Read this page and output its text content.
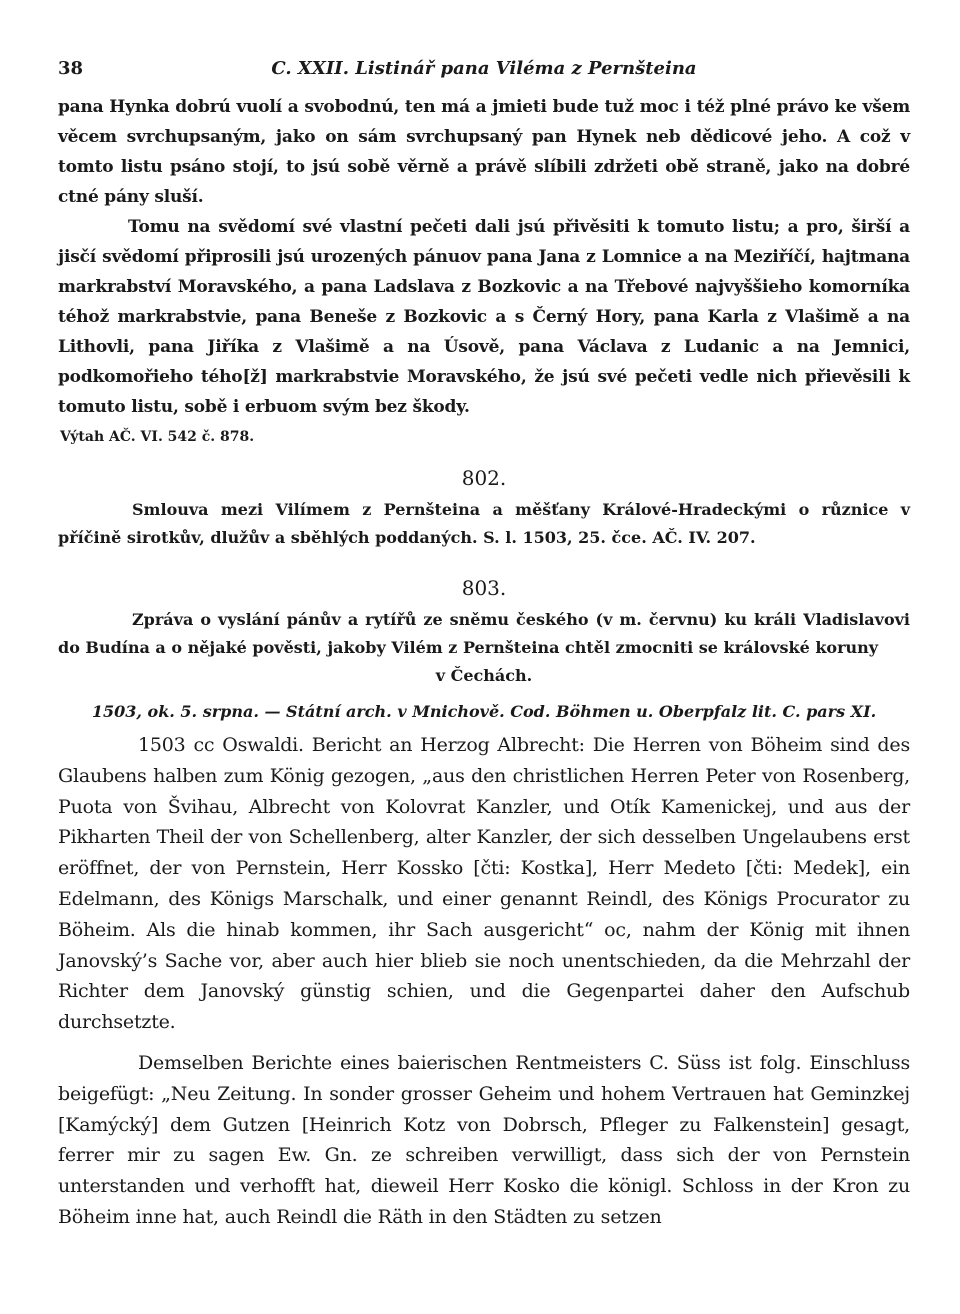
38	C. XXII. Listinář pana Viléma z Pernšteina

pana Hynka dobrú vuolí a svobodnú, ten má a jmieti bude tuž moc i též plné právo ke všem věcem svrchupsaným, jako on sám svrchupsaný pan Hynek neb dědicové jeho. A což v tomto listu psáno stojí, to jsú sobě věrně a právě slíbili zdržeti obě straně, jako na dobré ctné pány sluší.

Tomu na svědomí své vlastní pečeti dali jsú přivěsiti k tomuto listu; a pro, širší a jisčí svědomí připrosili jsú urozených pánuov pana Jana z Lomnice a na Meziříčí, hajtmana markrabství Moravského, a pana Ladslava z Bozkovic a na Třebové najvyššieho komorníka téhož markrabstvie, pana Beneše z Bozkovic a s Černý Hory, pana Karla z Vlašimě a na Lithovli, pana Jiříka z Vlašimě a na Úsově, pana Václava z Ludanic a na Jemnici, podkomořieho tého[ž] markrabstvie Moravského, že jsú své pečeti vedle nich přievěsili k tomuto listu, sobě i erbuom svým bez škody.

Výtah AČ. VI. 542 č. 878.
802.

Smlouva mezi Vilímem z Pernšteina a měšťany Králové-Hradeckými o různice v příčině sirotkův, dlužův a sběhlých poddaných. S. l. 1503, 25. čce. AČ. IV. 207.

803.

Zpráva o vyslání pánův a rytířů ze sněmu českého (v m. červnu) ku králi Vladislavovi do Budína a o nějaké pověsti, jakoby Vilém z Pernšteina chtěl zmocniti se královské koruny

v Čechách.

1503, ok. 5. srpna. — Státní arch. v Mnichově. Cod. Böhmen u. Oberpfalz lit. C. pars XI.

1503 cc Oswaldi. Bericht an Herzog Albrecht: Die Herren von Böheim sind des Glaubens halben zum König gezogen, „aus den christlichen Herren Peter von Rosenberg, Puota von Švihau, Albrecht von Kolovrat Kanzler, und Otík Kamenickej, und aus der Pikharten Theil der von Schellenberg, alter Kanzler, der sich desselben Ungelaubens erst eröffnet, der von Pernstein, Herr Kossko [čti: Kostka], Herr Medeto [čti: Medek], ein Edelmann, des Königs Marschalk, und einer genannt Reindl, des Königs Procurator zu Böheim. Als die hinab kommen, ihr Sach ausgericht“ oc, nahm der König mit ihnen Janovský’s Sache vor, aber auch hier blieb sie noch unentschieden, da die Mehrzahl der Richter dem Janovský günstig schien, und die Gegenpartei daher den Aufschub durchsetzte.

Demselben Berichte eines baierischen Rentmeisters C. Süss ist folg. Einschluss beigefügt: „Neu Zeitung. In sonder grosser Geheim und hohem Vertrauen hat Geminzkej [Kamýcký] dem Gutzen [Heinrich Kotz von Dobrsch, Pfleger zu Falkenstein] gesagt, ferrer mir zu sagen Ew. Gn. ze schreiben verwilligt, dass sich der von Pernstein unterstanden und verhofft hat, dieweil Herr Kosko die königl. Schloss in der Kron zu Böheim inne hat, auch Reindl die Räth in den Städten zu setzen
